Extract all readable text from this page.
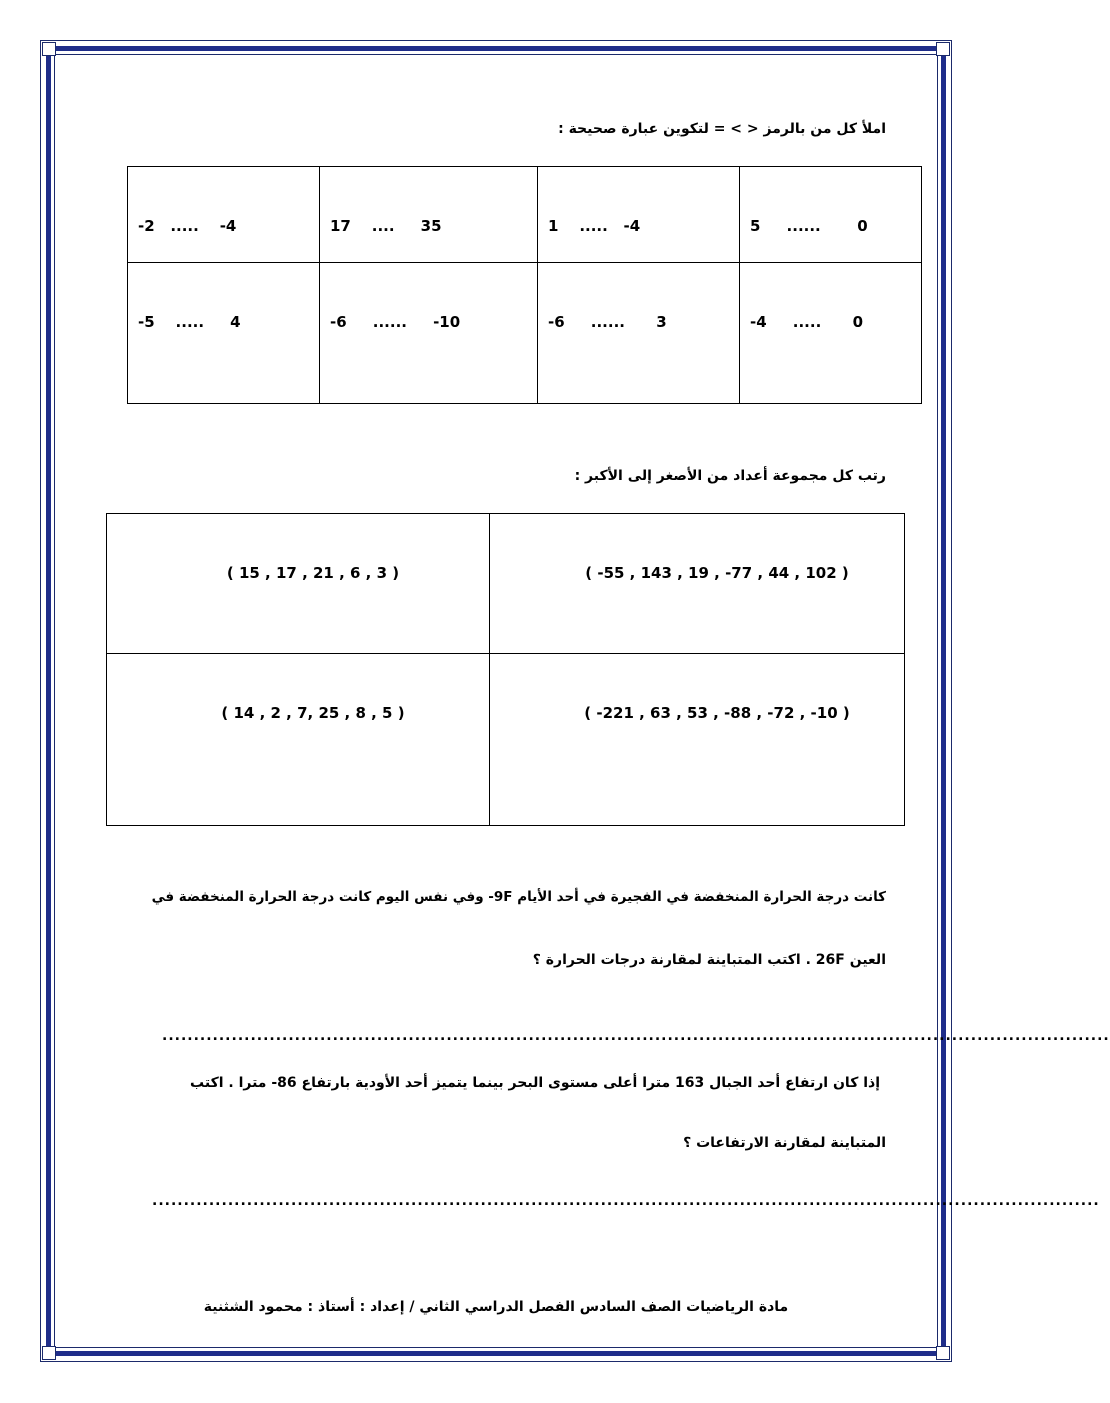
املأ كل من بالرمز < > = لتكوين عبارة صحيحة :
-2   .....    -4	17    ....     35	1    .....   -4	5     ......       0

-5    .....     4	-6     ......     -10	-6     ......      3	-4     .....      0
رتب كل مجموعة أعداد من الأصغر إلى الأكبر :
( 15 , 17 , 21 , 6 , 3 )	( -55 , 143 , 19 , -77 , 44 , 102 )

( 14 , 2 , 7, 25 , 8 , 5 )	( -221 , 63 , 53 , -88 , -72 , -10 )
كانت درجة الحرارة المنخفضة في الفجيرة في أحد الأيام 9F- وفي نفس اليوم كانت درجة الحرارة المنخفضة في
العين 26F . اكتب المتباينة لمقارنة درجات الحرارة ؟
......................................................................................................................................................
إذا كان ارتفاع أحد الجبال 163 مترا أعلى مستوى البحر بينما يتميز أحد الأودية بارتفاع 86- مترا . اكتب
المتباينة لمقارنة الارتفاعات ؟
......................................................................................................................................................
مادة الرياضيات الصف السادس الفصل الدراسي الثاني / إعداد : أستاذ : محمود الشثنية
